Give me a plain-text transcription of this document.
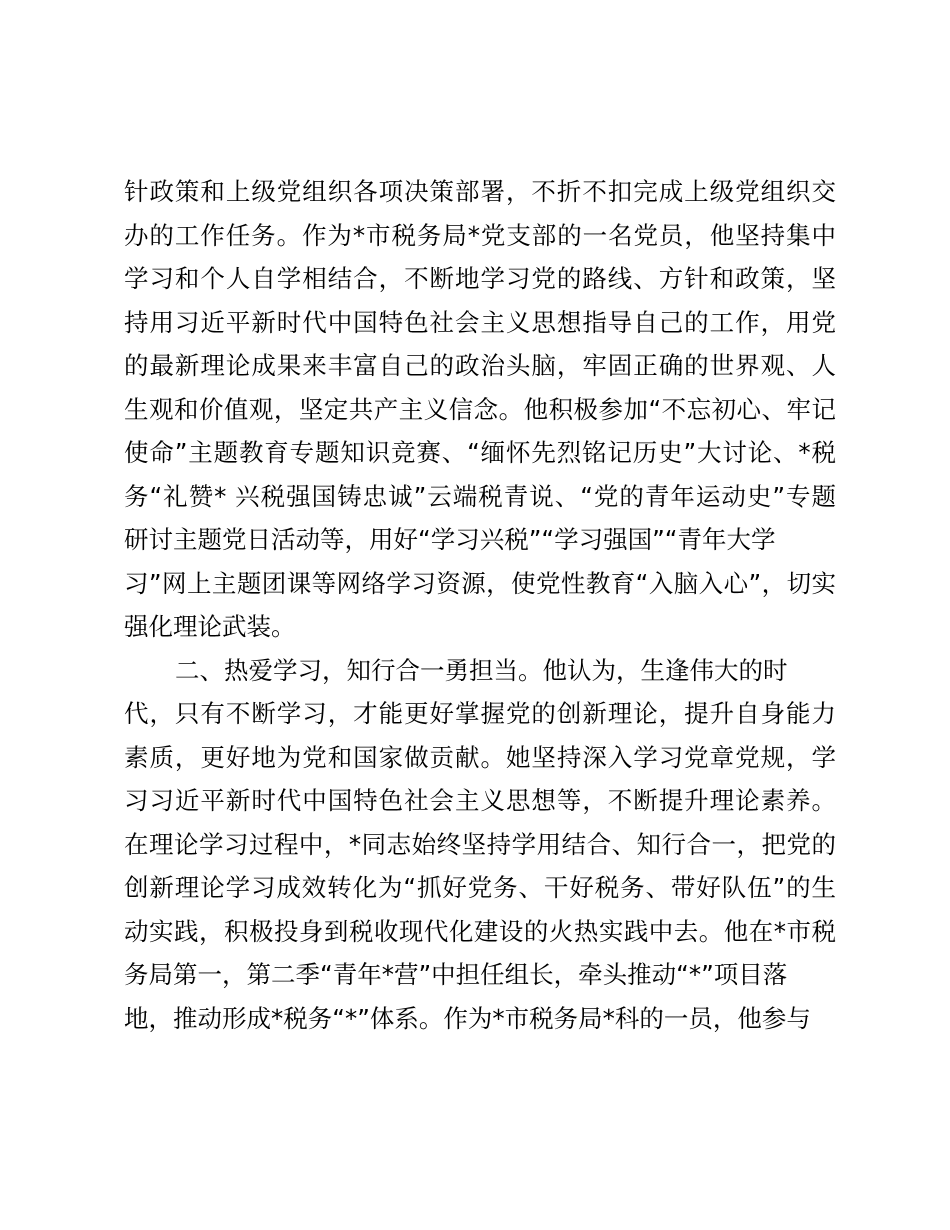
针政策和上级党组织各项决策部署，不折不扣完成上级党组织交
办的工作任务。作为*市税务局*党支部的一名党员，他坚持集中
学习和个人自学相结合，不断地学习党的路线、方针和政策，坚
持用习近平新时代中国特色社会主义思想指导自己的工作，用党
的最新理论成果来丰富自己的政治头脑，牢固正确的世界观、人
生观和价值观，坚定共产主义信念。他积极参加“不忘初心、牢记
使命”主题教育专题知识竞赛、“缅怀先烈铭记历史”大讨论、*税
务“礼赞* 兴税强国铸忠诚”云端税青说、“党的青年运动史”专题
研讨主题党日活动等，用好“学习兴税”“学习强国”“青年大学
习”网上主题团课等网络学习资源，使党性教育“入脑入心”，切实
强化理论武装。
二、热爱学习，知行合一勇担当。他认为，生逢伟大的时
代，只有不断学习，才能更好掌握党的创新理论，提升自身能力
素质，更好地为党和国家做贡献。她坚持深入学习党章党规，学
习习近平新时代中国特色社会主义思想等，不断提升理论素养。
在理论学习过程中，*同志始终坚持学用结合、知行合一，把党的
创新理论学习成效转化为“抓好党务、干好税务、带好队伍”的生
动实践，积极投身到税收现代化建设的火热实践中去。他在*市税
务局第一，第二季“青年*营”中担任组长，牵头推动“*”项目落
地，推动形成*税务“*”体系。作为*市税务局*科的一员，他参与
